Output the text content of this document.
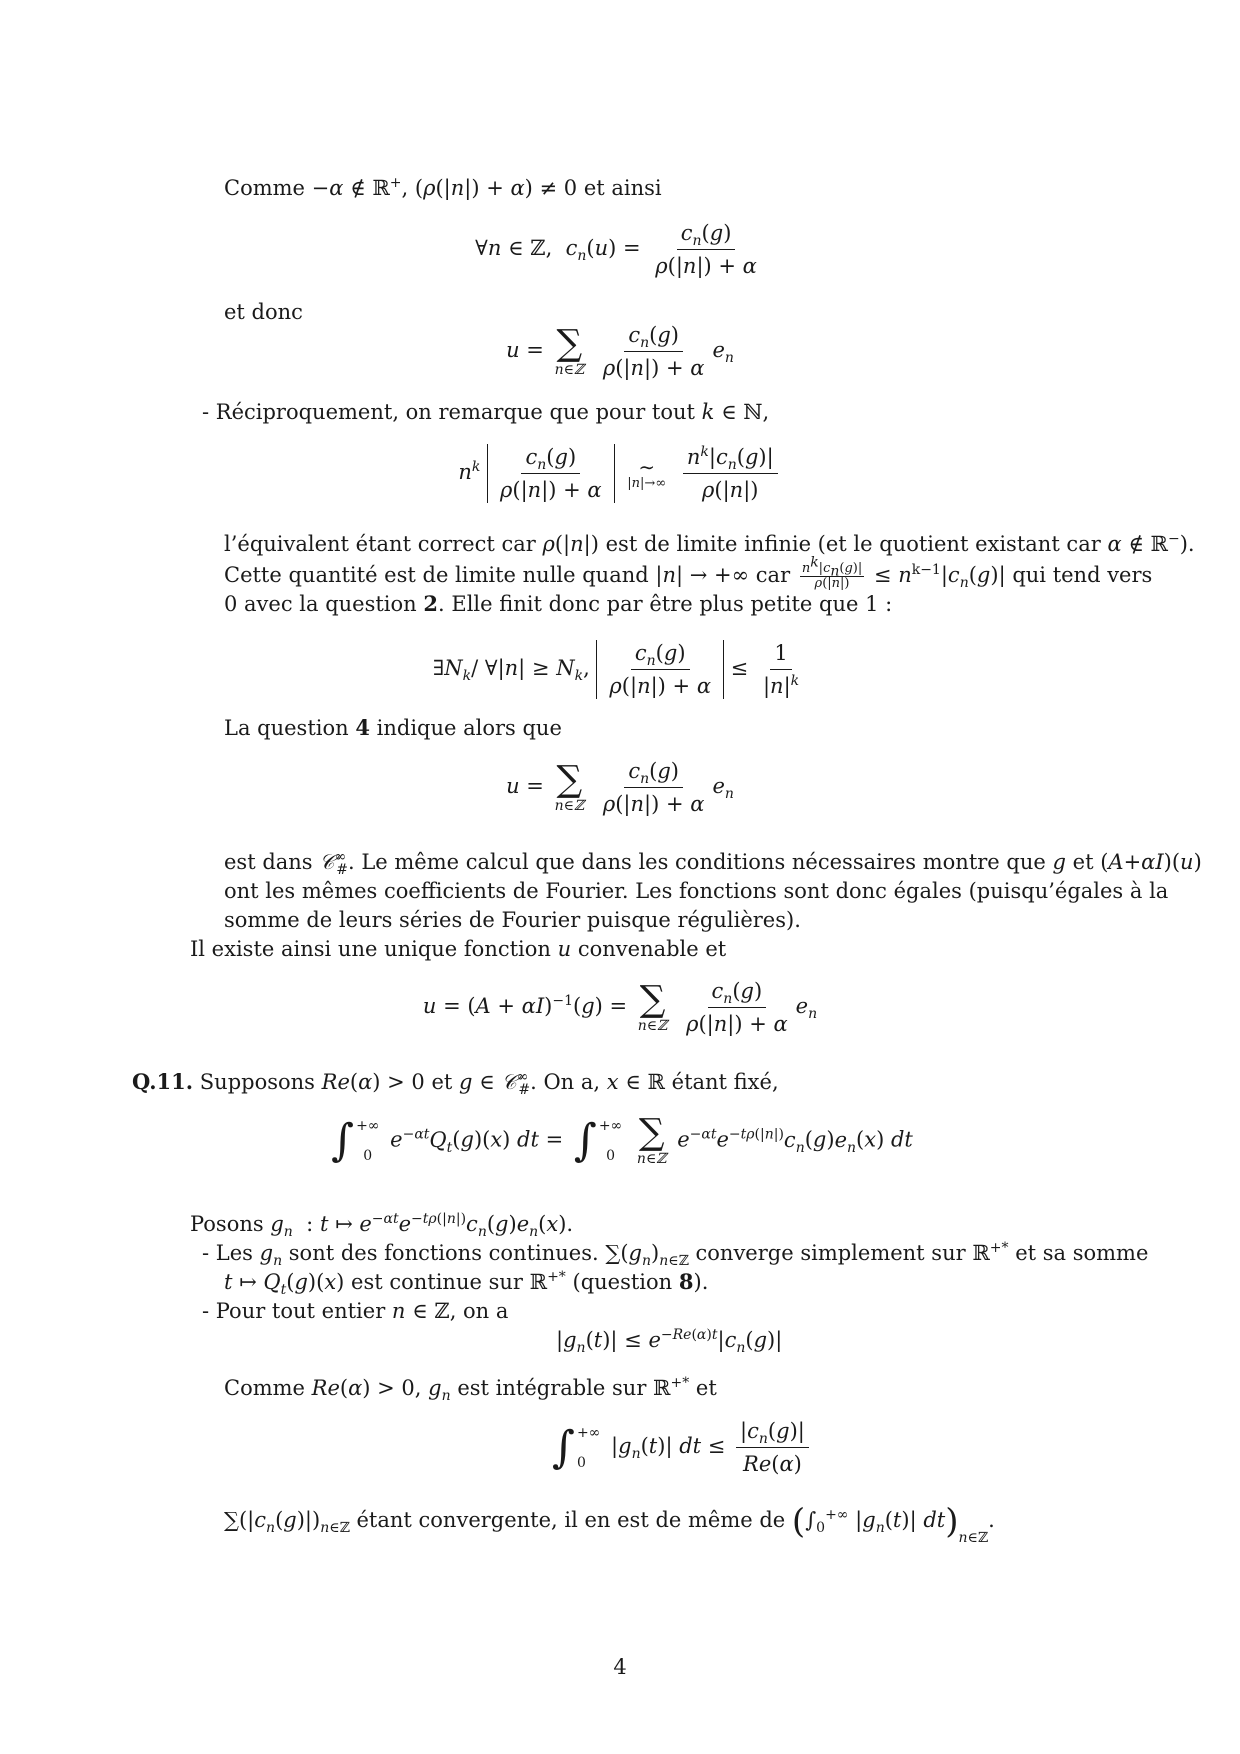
Comme −α ∉ ℝ+, (ρ(|n|) + α) ≠ 0 et ainsi
∀n ∈ ℤ,  $c_n(u) = \frac{c_n(g)}{\rho(|n|) + \alpha}$
et donc
u = ∑
n∈ℤ
$\frac{c_n(g)}{\rho(|n|) + \alpha} e_n$
- Réciproquement, on remarque que pour tout k ∈ ℕ,
$n^k \frac{c_n(g)}{\rho(|n|) + \alpha}$
∼
|n|→∞
$\frac{n^k|c_n(g)|}{\rho(|n|)}$
l’équivalent étant correct car ρ(|n|) est de limite infinie (et le quotient existant car α ∉ ℝ−).
Cette quantité est de limite nulle quand |n| → +∞ car $\frac{n^k|c_n(g)|}{\rho(|n|)} \le n^{k-1}|c_n(g)|$ qui tend vers
0 avec la question 2. Elle finit donc par être plus petite que 1 :
$\exists N_k/$ ∀|n| ≥ $N_k$, $\frac{c_n(g)}{\rho(|n|) + \alpha} \le \frac{1}{|n|^k}$
La question 4 indique alors que
u = ∑
n∈ℤ
$\frac{c_n(g)}{\rho(|n|) + \alpha} e_n$
est dans 𝒞∞$_{\#}$. Le même calcul que dans les conditions nécessaires montre que g et (A+αI)(u)
ont les mêmes coefficients de Fourier. Les fonctions sont donc égales (puisqu’égales à la
somme de leurs séries de Fourier puisque régulières).
Il existe ainsi une unique fonction u convenable et
$u = (A + \alpha I)^{-1}(g)$ = ∑
n∈ℤ
$\frac{c_n(g)}{\rho(|n|) + \alpha} e_n$
Q.11. Supposons Re(α) > 0 et g ∈ 𝒞∞$_{\#}$. On a, x ∈ ℝ étant fixé,
∫ +∞
0
$e^{-\alpha t}Q_t(g)(x)$ dt = ∫ +∞
0

∑
n∈ℤ
$e^{-\alpha t}e^{-t\rho(|n|)}c_n(g)e_n(x)$ dt
Posons $g_n$  : t ↦ $e^{-\alpha t}e^{-t\rho(|n|)}c_n(g)e_n(x)$.
- Les $g_n$ sont des fonctions continues. $\sum(g_n)_{n\in ℤ}$ converge simplement sur ℝ+* et sa somme
t ↦ $Q_t(g)(x)$ est continue sur ℝ+* (question 8).
- Pour tout entier n ∈ ℤ, on a
$|g_n(t)| \le e^{-Re(\alpha)t}|c_n(g)|$
Comme Re(α) > 0, $g_n$ est intégrable sur ℝ+* et
∫ +∞
0
$|g_n(t)|$ dt ≤ $\frac{|c_n(g)|}{Re(\alpha)}$
$\sum(|c_n(g)|)_{n\in ℤ}$ étant convergente, il en est de même de ($\int_0^{+\infty}$ $|g_n(t)|$ $dt)_{n\in ℤ}$.
4
